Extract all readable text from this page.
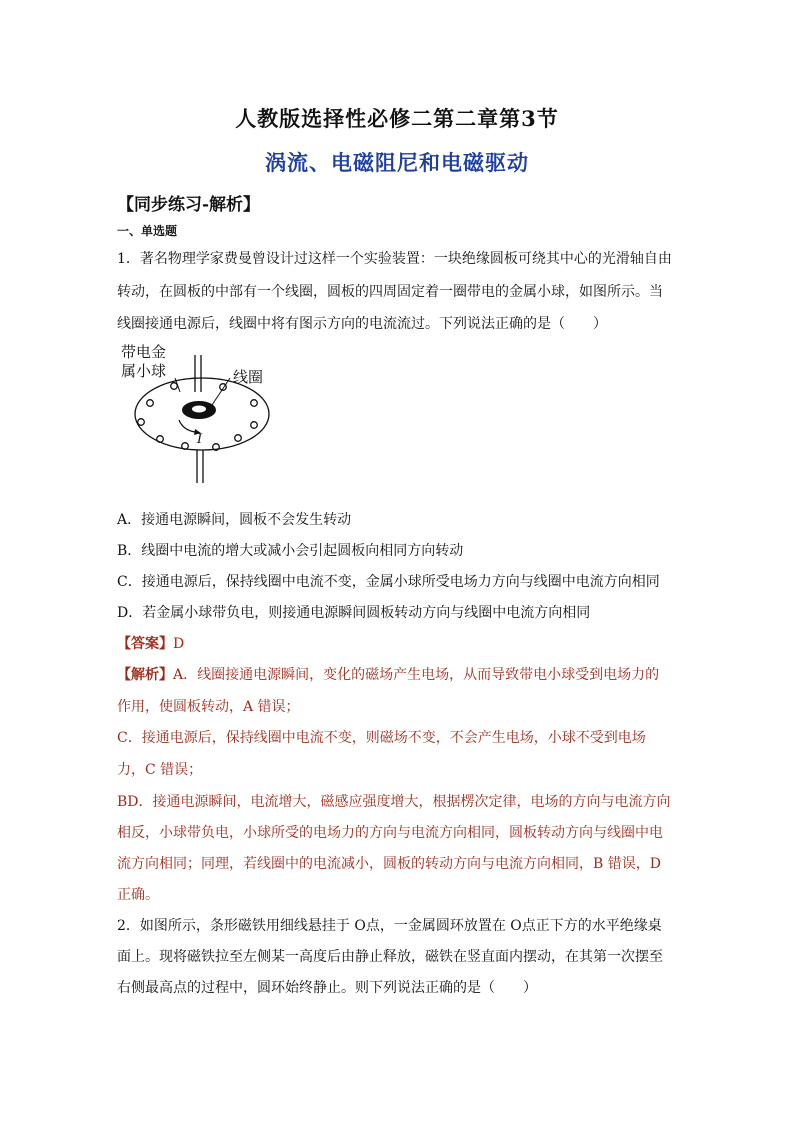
人教版选择性必修二第二章第3节
涡流、电磁阻尼和电磁驱动
【同步练习-解析】
一、单选题
1．著名物理学家费曼曾设计过这样一个实验装置：一块绝缘圆板可绕其中心的光滑轴自由
转动，在圆板的中部有一个线圈，圆板的四周固定着一圈带电的金属小球，如图所示。当
线圈接通电源后，线圈中将有图示方向的电流流过。下列说法正确的是（　　）
带电金
属小球	线圈
I
A．接通电源瞬间，圆板不会发生转动
B．线圈中电流的增大或减小会引起圆板向相同方向转动
C．接通电源后，保持线圈中电流不变，金属小球所受电场力方向与线圈中电流方向相同
D．若金属小球带负电，则接通电源瞬间圆板转动方向与线圈中电流方向相同
【答案】D
【解析】A．线圈接通电源瞬间，变化的磁场产生电场，从而导致带电小球受到电场力的
作用，使圆板转动，A 错误；
C．接通电源后，保持线圈中电流不变，则磁场不变，不会产生电场，小球不受到电场
力，C 错误；
BD．接通电源瞬间，电流增大，磁感应强度增大，根据楞次定律，电场的方向与电流方向
相反，小球带负电，小球所受的电场力的方向与电流方向相同，圆板转动方向与线圈中电
流方向相同；同理，若线圈中的电流减小，圆板的转动方向与电流方向相同，B 错误，D
正确。
2．如图所示，条形磁铁用细线悬挂于 O点，一金属圆环放置在 O点正下方的水平绝缘桌
面上。现将磁铁拉至左侧某一高度后由静止释放，磁铁在竖直面内摆动，在其第一次摆至
右侧最高点的过程中，圆环始终静止。则下列说法正确的是（　　）
